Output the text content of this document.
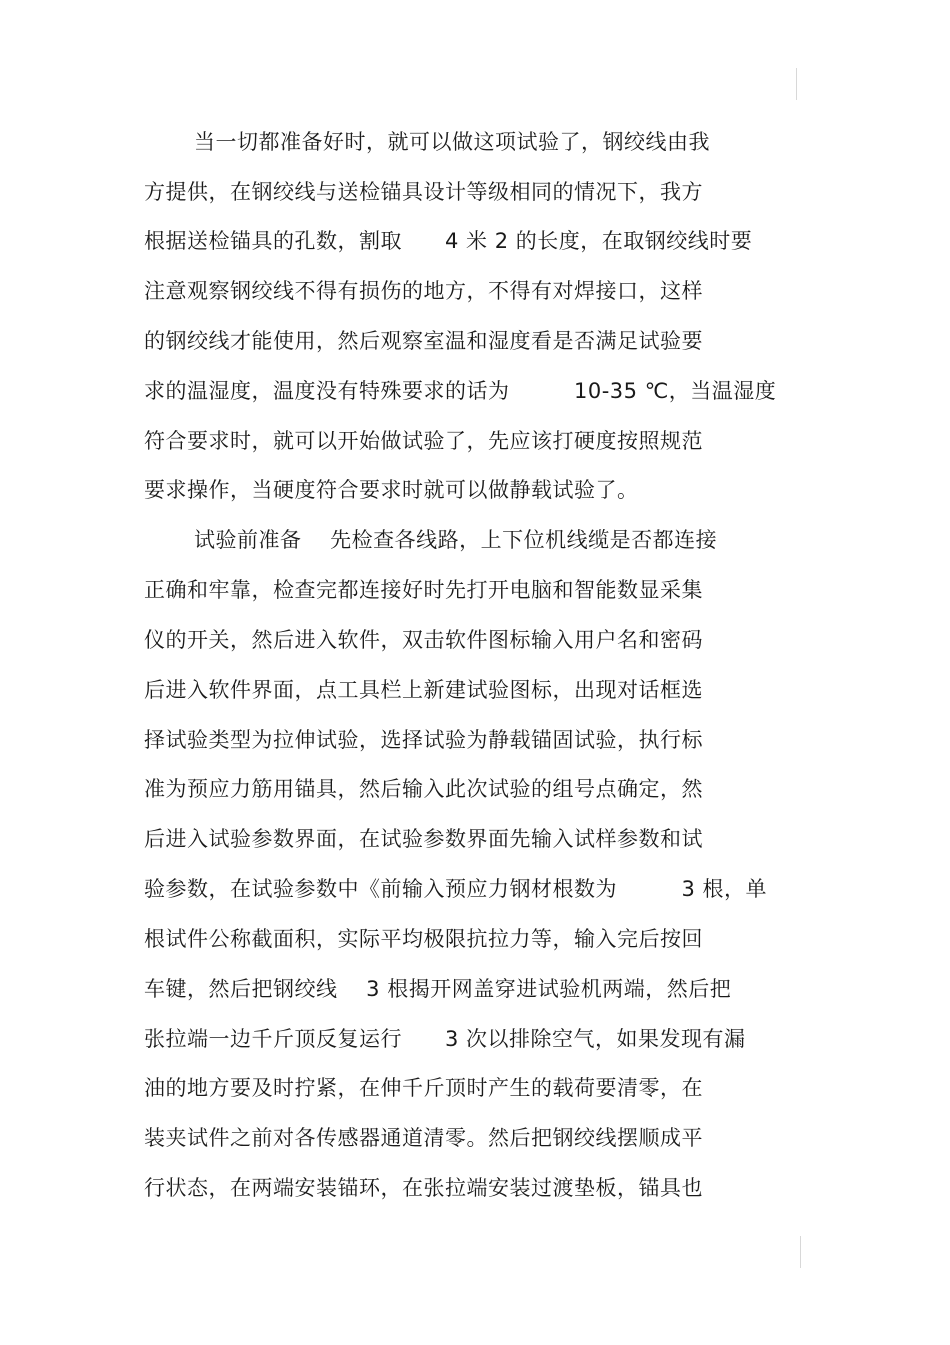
当一切都准备好时，就可以做这项试验了，钢绞线由我

方提供，在钢绞线与送检锚具设计等级相同的情况下，我方

根据送检锚具的孔数，割取　　4 米 2 的长度，在取钢绞线时要

注意观察钢绞线不得有损伤的地方，不得有对焊接口，这样

的钢绞线才能使用，然后观察室温和湿度看是否满足试验要

求的温湿度，温度没有特殊要求的话为　　　10-35 ℃，当温湿度

符合要求时，就可以开始做试验了，先应该打硬度按照规范

要求操作，当硬度符合要求时就可以做静载试验了。

试验前准备　 先检查各线路，上下位机线缆是否都连接

正确和牢靠，检查完都连接好时先打开电脑和智能数显采集

仪的开关，然后进入软件，双击软件图标输入用户名和密码

后进入软件界面，点工具栏上新建试验图标，出现对话框选

择试验类型为拉伸试验，选择试验为静载锚固试验，执行标

准为预应力筋用锚具，然后输入此次试验的组号点确定，然

后进入试验参数界面，在试验参数界面先输入试样参数和试

验参数，在试验参数中《前输入预应力钢材根数为　　　3 根，单

根试件公称截面积，实际平均极限抗拉力等，输入完后按回

车键，然后把钢绞线　 3 根揭开网盖穿进试验机两端，然后把

张拉端一边千斤顶反复运行　　3 次以排除空气，如果发现有漏

油的地方要及时拧紧，在伸千斤顶时产生的载荷要清零，在

装夹试件之前对各传感器通道清零。然后把钢绞线摆顺成平

行状态，在两端安装锚环，在张拉端安装过渡垫板，锚具也
